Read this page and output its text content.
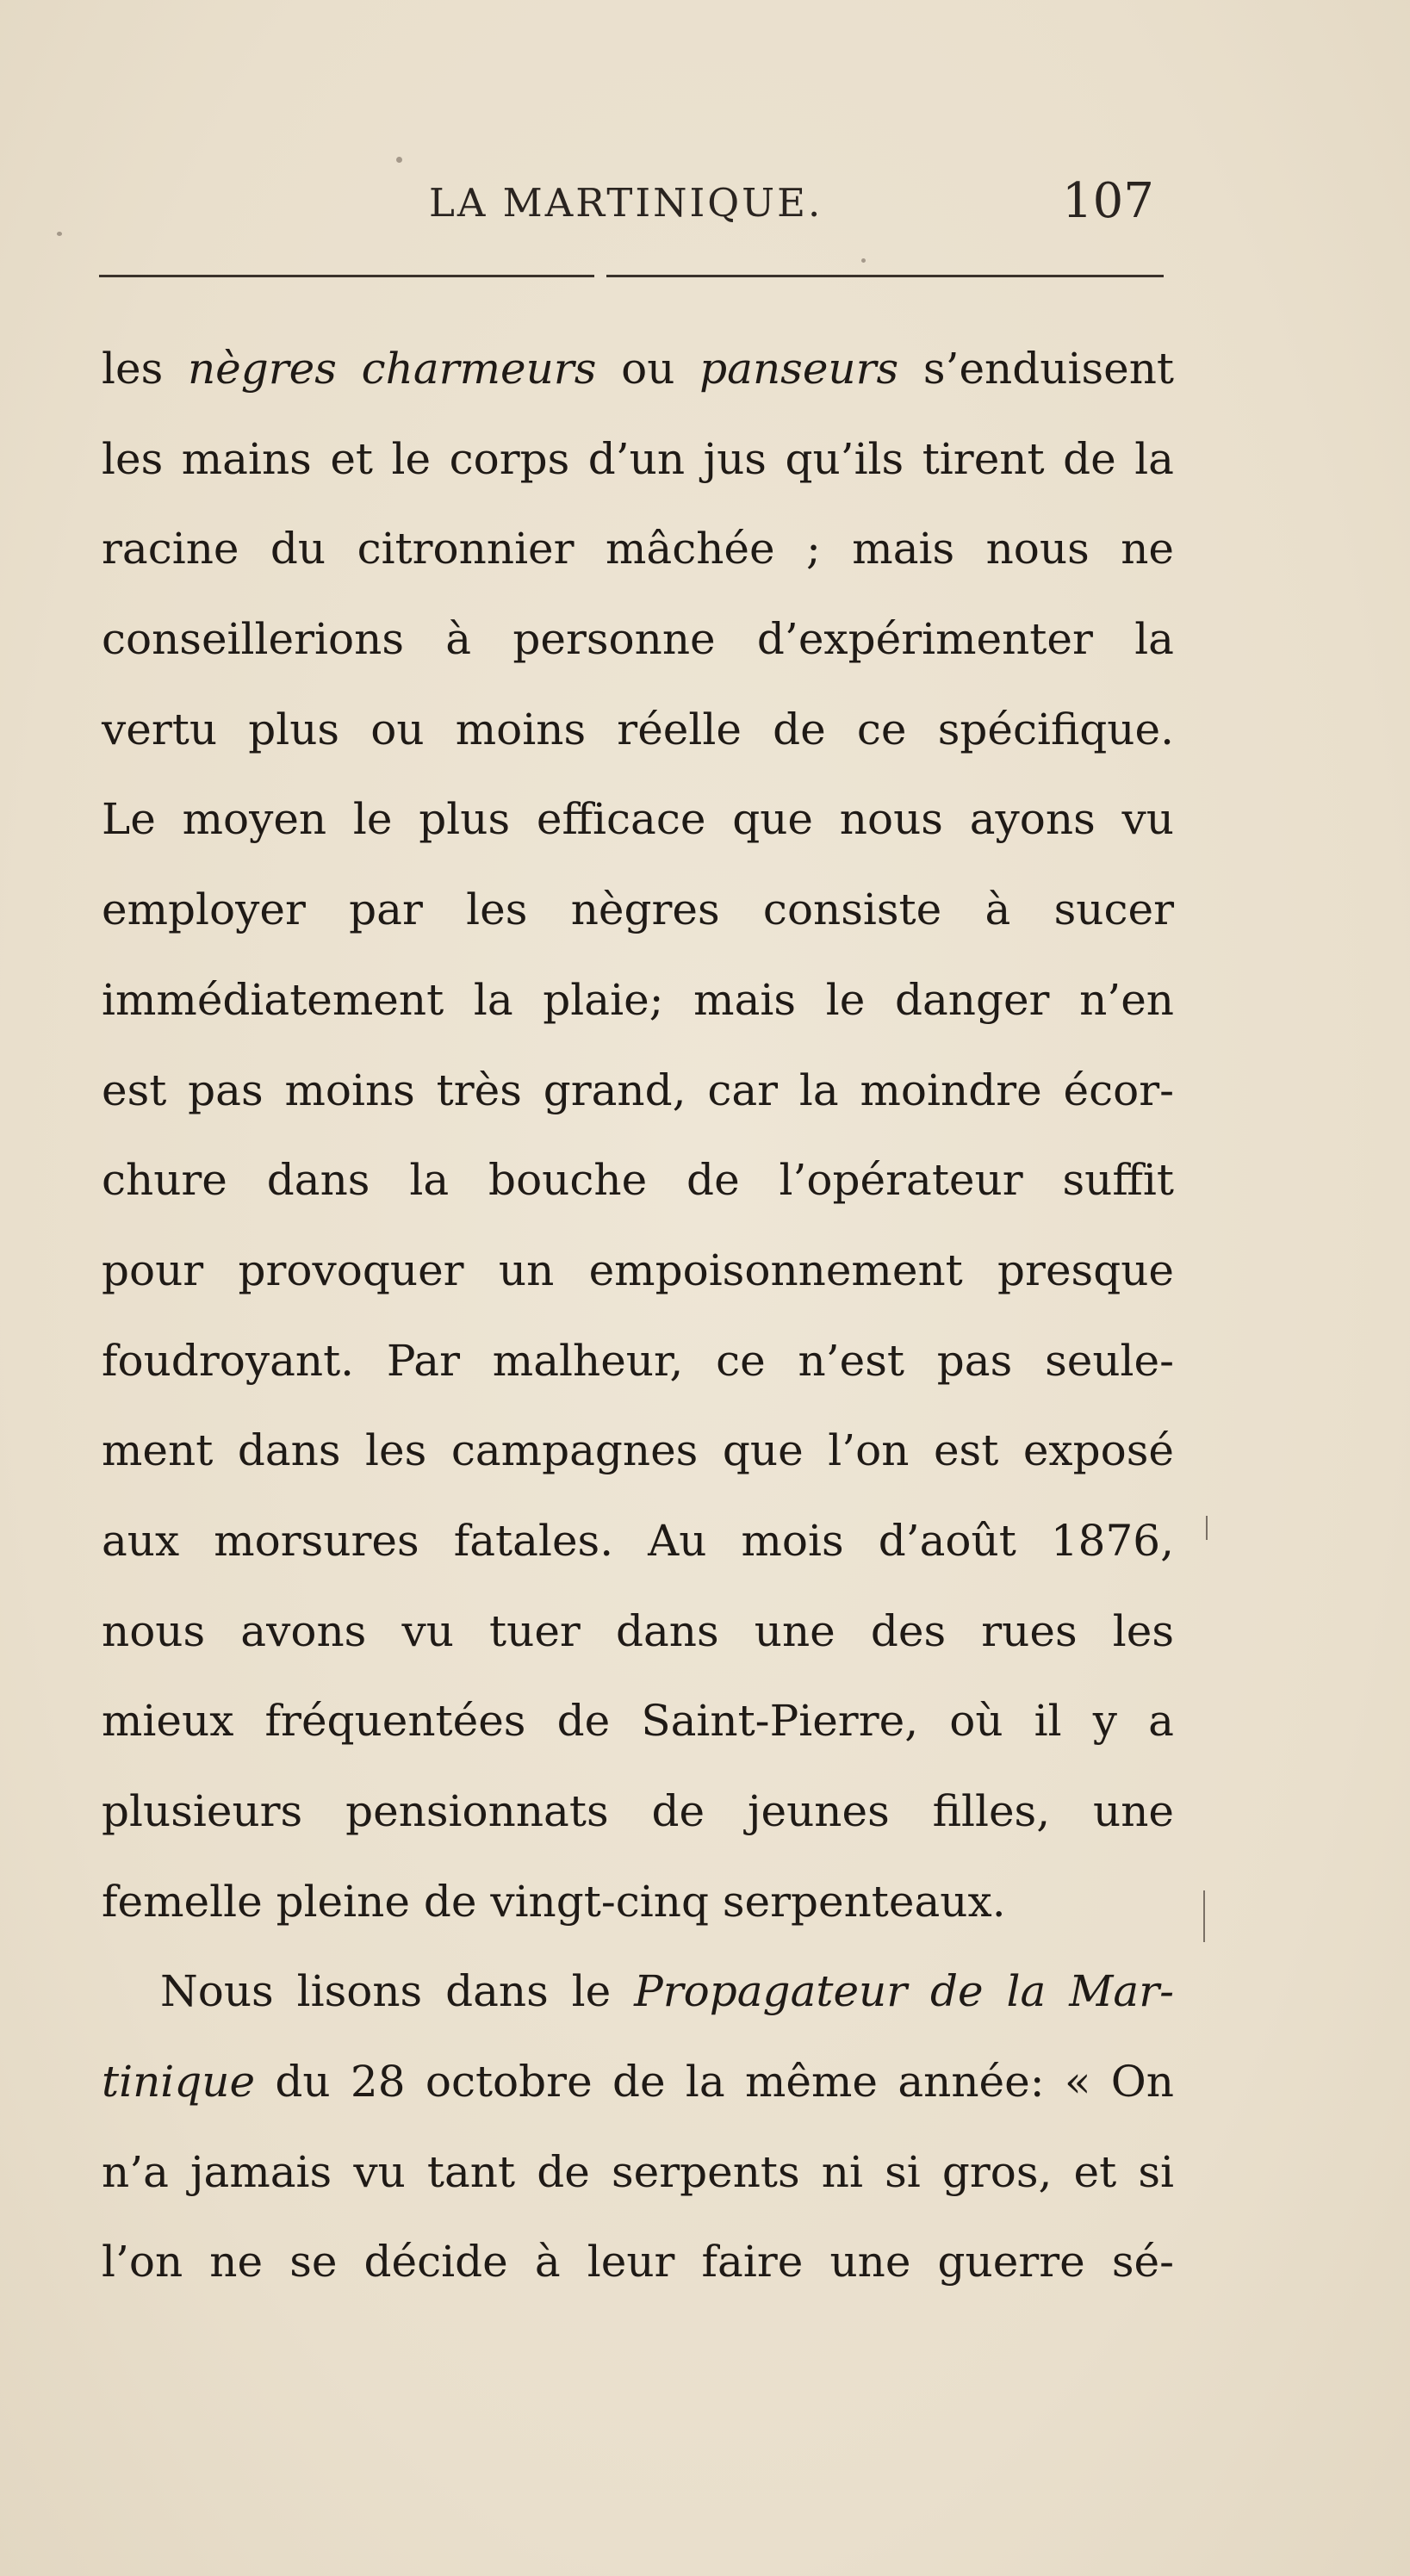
LA MARTINIQUE.	107
les nègres charmeurs ou panseurs s’enduisent
les mains et le corps d’un jus qu’ils tirent de la
racine du citronnier mâchée ; mais nous ne
conseillerions à personne d’expérimenter la
vertu plus ou moins réelle de ce spécifique.
Le moyen le plus efficace que nous ayons vu
employer par les nègres consiste à sucer
immédiatement la plaie; mais le danger n’en
est pas moins très grand, car la moindre écor-
chure dans la bouche de l’opérateur suffit
pour provoquer un empoisonnement presque
foudroyant. Par malheur, ce n’est pas seule-
ment dans les campagnes que l’on est exposé
aux morsures fatales. Au mois d’août 1876,
nous avons vu tuer dans une des rues les
mieux fréquentées de Saint-Pierre, où il y a
plusieurs pensionnats de jeunes filles, une
femelle pleine de vingt-cinq serpenteaux.
Nous lisons dans le Propagateur de la Mar-
tinique du 28 octobre de la même année: « On
n’a jamais vu tant de serpents ni si gros, et si
l’on ne se décide à leur faire une guerre sé-
